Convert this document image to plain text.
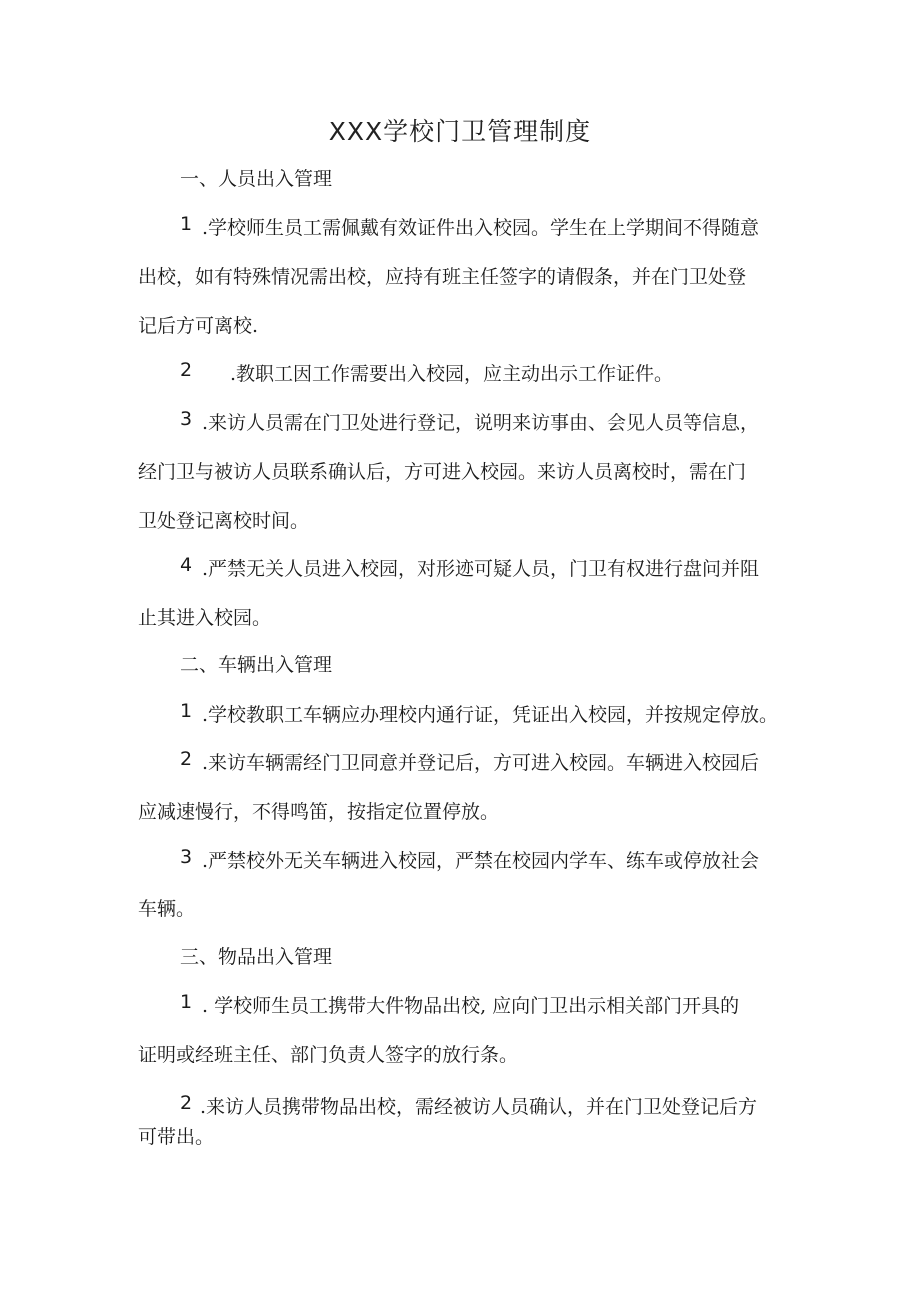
XXX学校门卫管理制度
一、人员出入管理
1 .学校师生员工需佩戴有效证件出入校园。学生在上学期间不得随意
出校，如有特殊情况需出校，应持有班主任签字的请假条，并在门卫处登
记后方可离校.
2 .教职工因工作需要出入校园，应主动出示工作证件。
3 .来访人员需在门卫处进行登记，说明来访事由、会见人员等信息，
经门卫与被访人员联系确认后，方可进入校园。来访人员离校时，需在门
卫处登记离校时间。
4 .严禁无关人员进入校园，对形迹可疑人员，门卫有权进行盘问并阻
止其进入校园。
二、车辆出入管理
1 .学校教职工车辆应办理校内通行证，凭证出入校园，并按规定停放。
2 .来访车辆需经门卫同意并登记后，方可进入校园。车辆进入校园后
应减速慢行，不得鸣笛，按指定位置停放。
3 .严禁校外无关车辆进入校园，严禁在校园内学车、练车或停放社会
车辆。
三、物品出入管理
1 . 学校师生员工携带大件物品出校, 应向门卫出示相关部门开具的
证明或经班主任、部门负责人签字的放行条。
2 .来访人员携带物品出校，需经被访人员确认，并在门卫处登记后方
可带出。
